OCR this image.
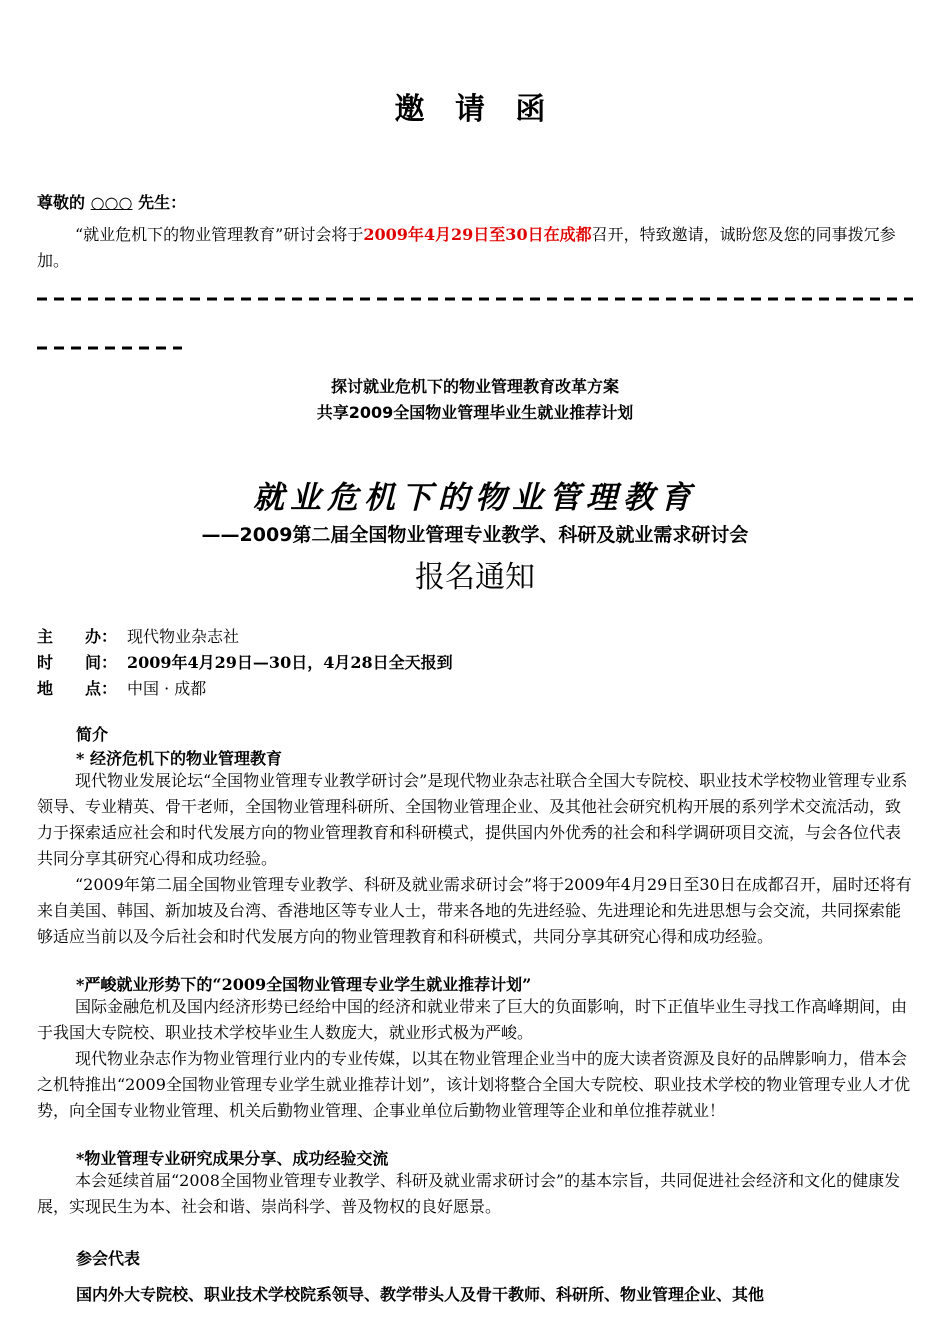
邀 请 函
尊敬的 ○○○ 先生：
“就业危机下的物业管理教育”研讨会将于2009年4月29日至30日在成都召开，特致邀请，诚盼您及您的同事拨冗参加。
探讨就业危机下的物业管理教育改革方案
共享2009全国物业管理毕业生就业推荐计划
就业危机下的物业管理教育
——2009第二届全国物业管理专业教学、科研及就业需求研讨会
报名通知
主　　办： 现代物业杂志社
时　　间： 2009年4月29日—30日，4月28日全天报到
地　　点： 中国 · 成都
简介
* 经济危机下的物业管理教育
现代物业发展论坛“全国物业管理专业教学研讨会”是现代物业杂志社联合全国大专院校、职业技术学校物业管理专业系领导、专业精英、骨干老师，全国物业管理科研所、全国物业管理企业、及其他社会研究机构开展的系列学术交流活动，致力于探索适应社会和时代发展方向的物业管理教育和科研模式，提供国内外优秀的社会和科学调研项目交流，与会各位代表共同分享其研究心得和成功经验。
“2009年第二届全国物业管理专业教学、科研及就业需求研讨会”将于2009年4月29日至30日在成都召开，届时还将有来自美国、韩国、新加坡及台湾、香港地区等专业人士，带来各地的先进经验、先进理论和先进思想与会交流，共同探索能够适应当前以及今后社会和时代发展方向的物业管理教育和科研模式，共同分享其研究心得和成功经验。
*严峻就业形势下的“2009全国物业管理专业学生就业推荐计划”
国际金融危机及国内经济形势已经给中国的经济和就业带来了巨大的负面影响，时下正值毕业生寻找工作高峰期间，由于我国大专院校、职业技术学校毕业生人数庞大，就业形式极为严峻。
现代物业杂志作为物业管理行业内的专业传媒，以其在物业管理企业当中的庞大读者资源及良好的品牌影响力，借本会之机特推出“2009全国物业管理专业学生就业推荐计划”，该计划将整合全国大专院校、职业技术学校的物业管理专业人才优势，向全国专业物业管理、机关后勤物业管理、企事业单位后勤物业管理等企业和单位推荐就业！
*物业管理专业研究成果分享、成功经验交流
本会延续首届“2008全国物业管理专业教学、科研及就业需求研讨会”的基本宗旨，共同促进社会经济和文化的健康发展，实现民生为本、社会和谐、崇尚科学、普及物权的良好愿景。
参会代表
国内外大专院校、职业技术学校院系领导、教学带头人及骨干教师、科研所、物业管理企业、其他
